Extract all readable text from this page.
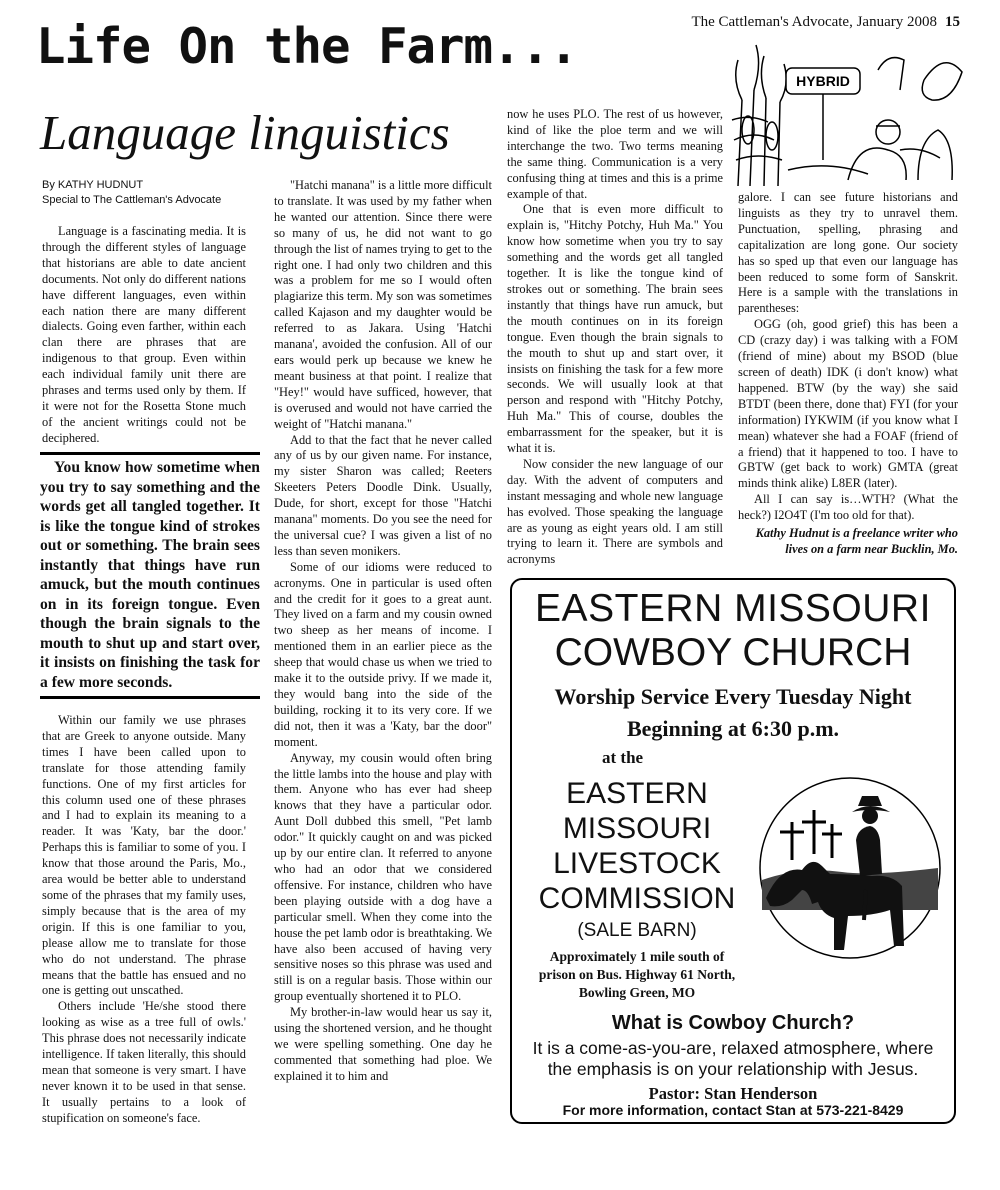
The Cattleman's Advocate, January 2008 15
Life On the Farm...
Language linguistics
By KATHY HUDNUT
Special to The Cattleman's Advocate

Language is a fascinating media. It is through the different styles of language that historians are able to date ancient documents. Not only do different nations have different languages, even within each nation there are many different dialects. Going even farther, within each clan there are phrases that are indigenous to that group. Even within each individual family unit there are phrases and terms used only by them. If it were not for the Rosetta Stone much of the ancient writings could not be deciphered.

You know how sometime when you try to say something and the words get all tangled together. It is like the tongue kind of strokes out or something. The brain sees instantly that things have run amuck, but the mouth continues on in its foreign tongue. Even though the brain signals to the mouth to shut up and start over, it insists on finishing the task for a few more seconds.

Within our family we use phrases that are Greek to anyone outside. Many times I have been called upon to translate for those attending family functions. One of my first articles for this column used one of these phrases and I had to explain its meaning to a reader. It was 'Katy, bar the door.' Perhaps this is familiar to some of you. I know that those around the Paris, Mo., area would be better able to understand some of the phrases that my family uses, simply because that is the area of my origin. If this is one familiar to you, please allow me to translate for those who do not understand. The phrase means that the battle has ensued and no one is getting out unscathed.

Others include 'He/she stood there looking as wise as a tree full of owls.' This phrase does not necessarily indicate intelligence. If taken literally, this should mean that someone is very smart. I have never known it to be used in that sense. It usually pertains to a look of stupification on someone's face.

"Hatchi manana" is a little more difficult to translate. It was used by my father when he wanted our attention. Since there were so many of us, he did not want to go through the list of names trying to get to the right one. I had only two children and this was a problem for me so I would often plagiarize this term. My son was sometimes called Kajason and my daughter would be referred to as Jakara. Using 'Hatchi manana', avoided the confusion. All of our ears would perk up because we knew he meant business at that point. I realize that "Hey!" would have sufficed, however, that is overused and would not have carried the weight of "Hatchi manana."

Add to that the fact that he never called any of us by our given name. For instance, my sister Sharon was called; Reeters Skeeters Peters Doodle Dink. Usually, Dude, for short, except for those "Hatchi manana" moments. Do you see the need for the universal cue? I was given a list of no less than seven monikers.

Some of our idioms were reduced to acronyms. One in particular is used often and the credit for it goes to a great aunt. They lived on a farm and my cousin owned two sheep as her means of income. I mentioned them in an earlier piece as the sheep that would chase us when we tried to make it to the outside privy. If we made it, they would bang into the side of the building, rocking it to its very core. If we did not, then it was a 'Katy, bar the door" moment.

Anyway, my cousin would often bring the little lambs into the house and play with them. Anyone who has ever had sheep knows that they have a particular odor. Aunt Doll dubbed this smell, "Pet lamb odor." It quickly caught on and was picked up by our entire clan. It referred to anyone who had an odor that we considered offensive. For instance, children who have been playing outside with a dog have a particular smell. When they come into the house the pet lamb odor is breathtaking. We have also been accused of having very sensitive noses so this phrase was used and still is on a regular basis. Those within our group eventually shortened it to PLO.

My brother-in-law would hear us say it, using the shortened version, and he thought we were spelling something. One day he commented that something had ploe. We explained it to him and

now he uses PLO. The rest of us however, kind of like the ploe term and we will interchange the two. Two terms meaning the same thing. Communication is a very confusing thing at times and this is a prime example of that.

One that is even more difficult to explain is, "Hitchy Potchy, Huh Ma." You know how sometime when you try to say something and the words get all tangled together. It is like the tongue kind of strokes out or something. The brain sees instantly that things have run amuck, but the mouth continues on in its foreign tongue. Even though the brain signals to the mouth to shut up and start over, it insists on finishing the task for a few more seconds. We will usually look at that person and respond with "Hitchy Potchy, Huh Ma." This of course, doubles the embarrassment for the speaker, but it is what it is.

Now consider the new language of our day. With the advent of computers and instant messaging and whole new language has evolved. Those speaking the language are as young as eight years old. I am still trying to learn it. There are symbols and acronyms

HYBRID

galore. I can see future historians and linguists as they try to unravel them. Punctuation, spelling, phrasing and capitalization are long gone. Our society has so sped up that even our language has been reduced to some form of Sanskrit. Here is a sample with the translations in parentheses:

OGG (oh, good grief) this has been a CD (crazy day) i was talking with a FOM (friend of mine) about my BSOD (blue screen of death) IDK (i don't know) what happened. BTW (by the way) she said BTDT (been there, done that) FYI (for your information) IYKWIM (if you know what I mean) whatever she had a FOAF (friend of a friend) that it happened to too. I have to GBTW (get back to work) GMTA (great minds think alike) L8ER (later).

All I can say is…WTH? (What the heck?) I2O4T (I'm too old for that).

Kathy Hudnut is a freelance writer who lives on a farm near Bucklin, Mo.

EASTERN MISSOURI
COWBOY CHURCH
Worship Service Every Tuesday Night
Beginning at 6:30 p.m.
at the
EASTERN
MISSOURI
LIVESTOCK
COMMISSION
(SALE BARN)
Approximately 1 mile south of
prison on Bus. Highway 61 North,
Bowling Green, MO
What is Cowboy Church?
It is a come-as-you-are, relaxed atmosphere, where
the emphasis is on your relationship with Jesus.
Pastor: Stan Henderson
For more information, contact Stan at 573-221-8429
